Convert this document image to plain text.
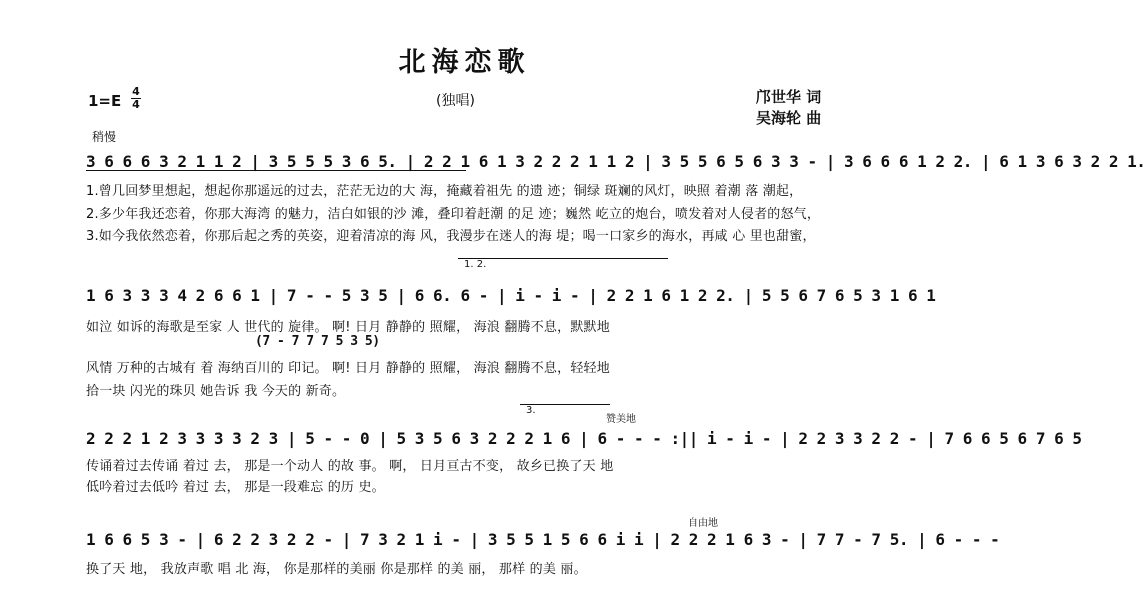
北海恋歌
1=E
4
4	(独唱)	邝世华 词
吴海轮 曲
稍慢
3 6 6 6 3 2 1 1 2 | 3 5 5 5 3 6 5. | 2 2 1 6 1 3 2 2 2 1 1 2 | 3 5 5 6 5 6 3 3 - | 3 6 6 6 1 2 2. | 6 1 3 6 3 2 2 1.
1.曾几回梦里想起，想起你那遥远的过去，茫茫无边的大 海，掩藏着祖先 的遗 迹；铜绿 斑斓的风灯，映照 着潮 落 潮起，
2.多少年我还恋着，你那大海湾 的魅力，洁白如银的沙 滩，叠印着赶潮 的足 迹；巍然 屹立的炮台，喷发着对人侵者的怒气，
3.如今我依然恋着，你那后起之秀的英姿，迎着清凉的海 风，我漫步在迷人的海 堤；喝一口家乡的海水，再咸 心 里也甜蜜，
1. 2.
1 6 3 3 3 4 2 6 6 1 | 7 - - 5 3 5 | 6 6. 6 - | i - i - | 2 2 1 6 1 2 2. | 5 5 6 7 6 5 3 1 6 1
如泣 如诉的海歌是至家 人 世代的 旋律。 啊! 日月 静静的 照耀， 海浪 翻腾不息，默默地
(7 - 7 7 7 5 3 5)
风情 万种的古城有 着 海纳百川的 印记。 啊! 日月 静静的 照耀， 海浪 翻腾不息，轻轻地
拾一块 闪光的珠贝 她告诉 我 今天的 新奇。
3.
赞美地
2 2 2 1 2 3 3 3 3 2 3 | 5 - - 0 | 5 3 5 6 3 2 2 2 1 6 | 6 - - - :|| i - i - | 2 2 3 3 2 2 - | 7 6 6 5 6 7 6 5
传诵着过去传诵 着过 去， 那是一个动人 的故 事。 啊， 日月亘古不变， 故乡已换了天 地
低吟着过去低吟 着过 去， 那是一段难忘 的历 史。
自由地
1 6 6 5 3 - | 6 2 2 3 2 2 - | 7 3 2 1 i - | 3 5 5 1 5 6 6 i i | 2 2 2 1 6 3 - | 7 7 - 7 5. | 6 - - -
换了天 地， 我放声歌 唱 北 海， 你是那样的美丽 你是那样 的美 丽， 那样 的美 丽。
